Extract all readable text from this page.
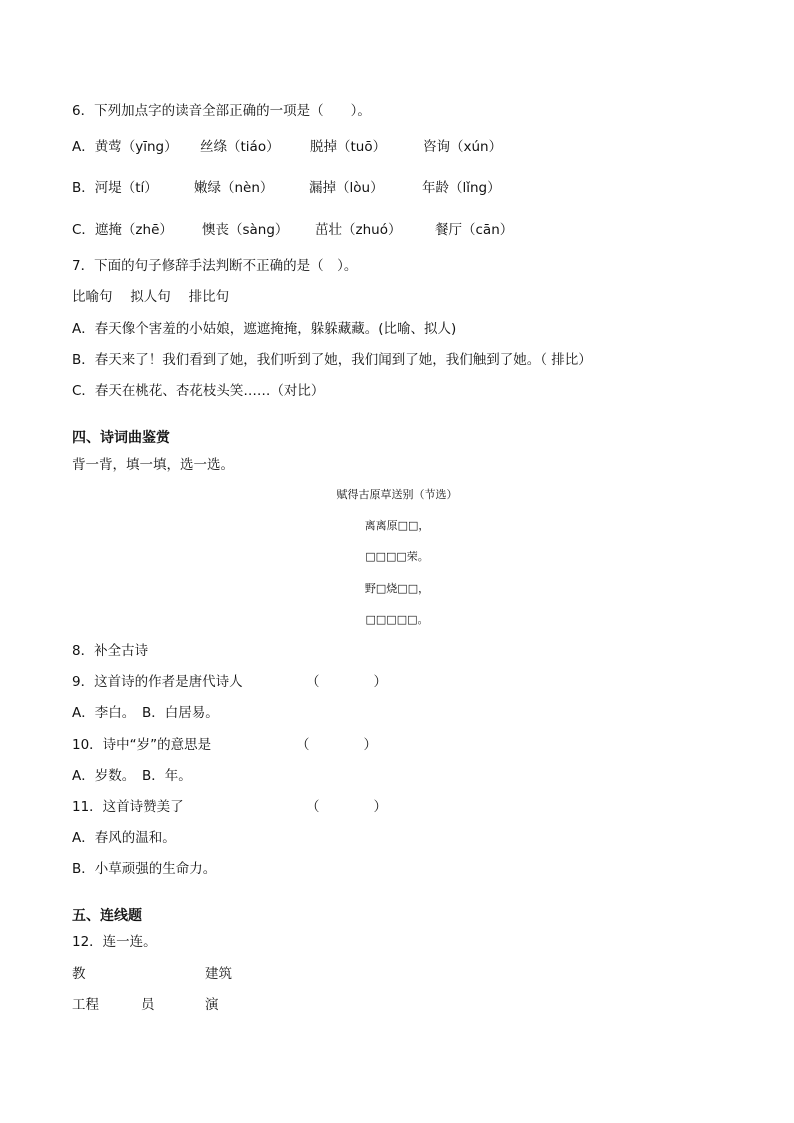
6．下列加点字的读音全部正确的一项是（　　）。
A．黄莺（yīng）	丝绦（tiáo）	脱掉（tuō）	咨询（xún）
B．河堤（tí）	嫩绿（nèn）	漏掉（lòu）	年龄（lǐng）
C．遮掩（zhē）	懊丧（sàng）	茁壮（zhuó）	餐厅（cān）
7．下面的句子修辞手法判断不正确的是（　）。
比喻句　 拟人句　 排比句
A．春天像个害羞的小姑娘，遮遮掩掩，躲躲藏藏。(比喻、拟人)
B．春天来了！我们看到了她，我们听到了她，我们闻到了她，我们触到了她。（ 排比）
C．春天在桃花、杏花枝头笑……（对比）
四、诗词曲鉴赏
背一背，填一填，选一选。
赋得古原草送别（节选）
离离原□□，
□□□□荣。
野□烧□□，
□□□□□。
8．补全古诗
9．这首诗的作者是唐代诗人	（　　　　）
A．李白。　B．白居易。
10．诗中“岁”的意思是	（　　　　）
A．岁数。　B．年。
11．这首诗赞美了	（　　　　）
A．春风的温和。
B．小草顽强的生命力。
五、连线题
12．连一连。
教	建筑
工程	员	演
